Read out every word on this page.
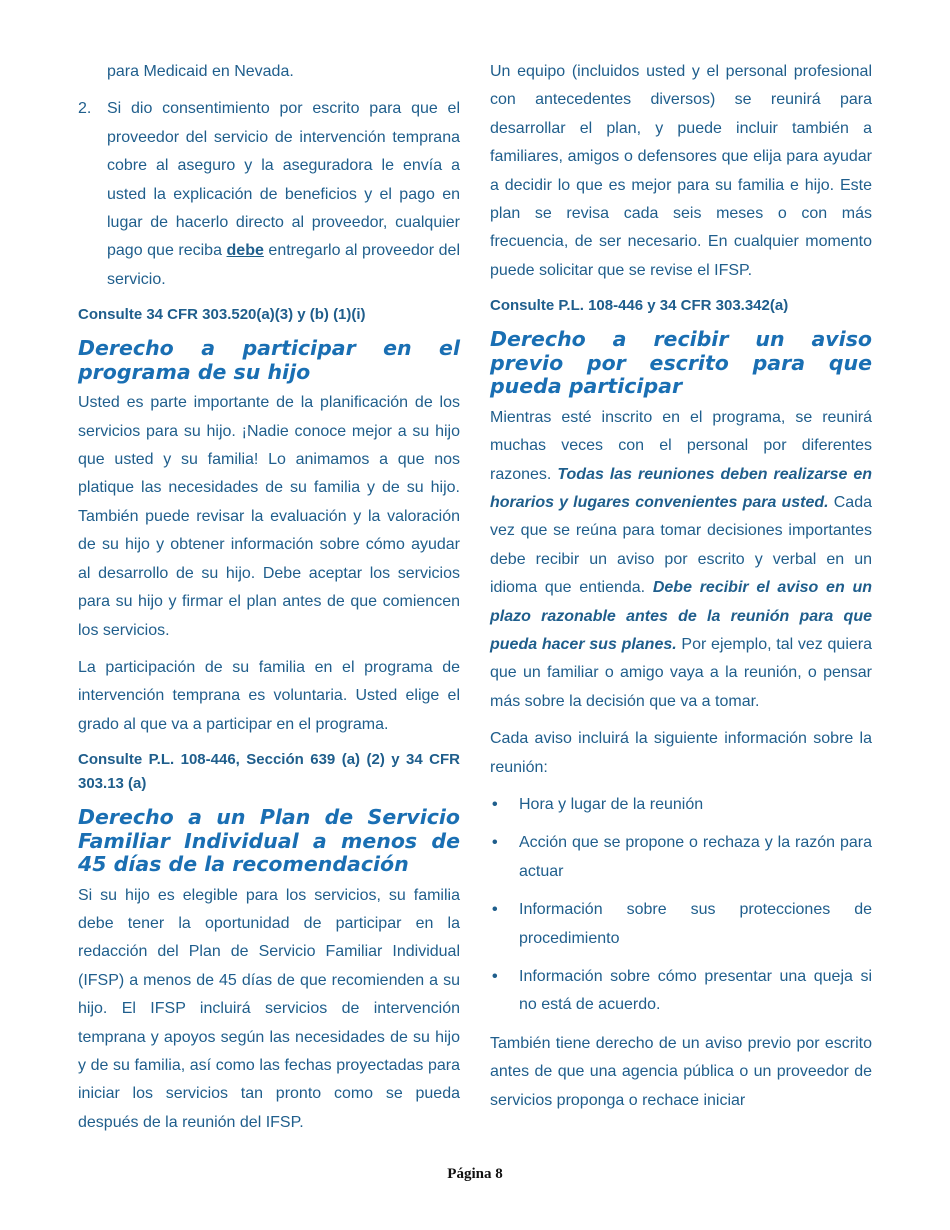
para Medicaid en Nevada.

2. Si dio consentimiento por escrito para que el proveedor del servicio de intervención temprana cobre al aseguro y la aseguradora le envía a usted la explicación de beneficios y el pago en lugar de hacerlo directo al proveedor, cualquier pago que reciba debe entregarlo al proveedor del servicio.
Consulte 34 CFR 303.520(a)(3) y (b) (1)(i)
Derecho a participar en el programa de su hijo

Usted es parte importante de la planificación de los servicios para su hijo. ¡Nadie conoce mejor a su hijo que usted y su familia! Lo animamos a que nos platique las necesidades de su familia y de su hijo. También puede revisar la evaluación y la valoración de su hijo y obtener información sobre cómo ayudar al desarrollo de su hijo. Debe aceptar los servicios para su hijo y firmar el plan antes de que comiencen los servicios.

La participación de su familia en el programa de intervención temprana es voluntaria. Usted elige el grado al que va a participar en el programa.

Consulte P.L. 108-446, Sección 639 (a) (2) y 34 CFR 303.13 (a)
Derecho a un Plan de Servicio Familiar Individual a menos de 45 días de la recomendación

Si su hijo es elegible para los servicios, su familia debe tener la oportunidad de participar en la redacción del Plan de Servicio Familiar Individual (IFSP) a menos de 45 días de que recomienden a su hijo. El IFSP incluirá servicios de intervención temprana y apoyos según las necesidades de su hijo y de su familia, así como las fechas proyectadas para iniciar los servicios tan pronto como se pueda después de la reunión del IFSP.

Un equipo (incluidos usted y el personal profesional con antecedentes diversos) se reunirá para desarrollar el plan, y puede incluir también a familiares, amigos o defensores que elija para ayudar a decidir lo que es mejor para su familia e hijo. Este plan se revisa cada seis meses o con más frecuencia, de ser necesario. En cualquier momento puede solicitar que se revise el IFSP.

Consulte P.L. 108-446 y 34 CFR 303.342(a)
Derecho a recibir un aviso previo por escrito para que pueda participar

Mientras esté inscrito en el programa, se reunirá muchas veces con el personal por diferentes razones. Todas las reuniones deben realizarse en horarios y lugares convenientes para usted. Cada vez que se reúna para tomar decisiones importantes debe recibir un aviso por escrito y verbal en un idioma que entienda. Debe recibir el aviso en un plazo razonable antes de la reunión para que pueda hacer sus planes. Por ejemplo, tal vez quiera que un familiar o amigo vaya a la reunión, o pensar más sobre la decisión que va a tomar.

Cada aviso incluirá la siguiente información sobre la reunión:

• Hora y lugar de la reunión
• Acción que se propone o rechaza y la razón para actuar
• Información sobre sus protecciones de procedimiento
• Información sobre cómo presentar una queja si no está de acuerdo.

También tiene derecho de un aviso previo por escrito antes de que una agencia pública o un proveedor de servicios proponga o rechace iniciar

Página 8
